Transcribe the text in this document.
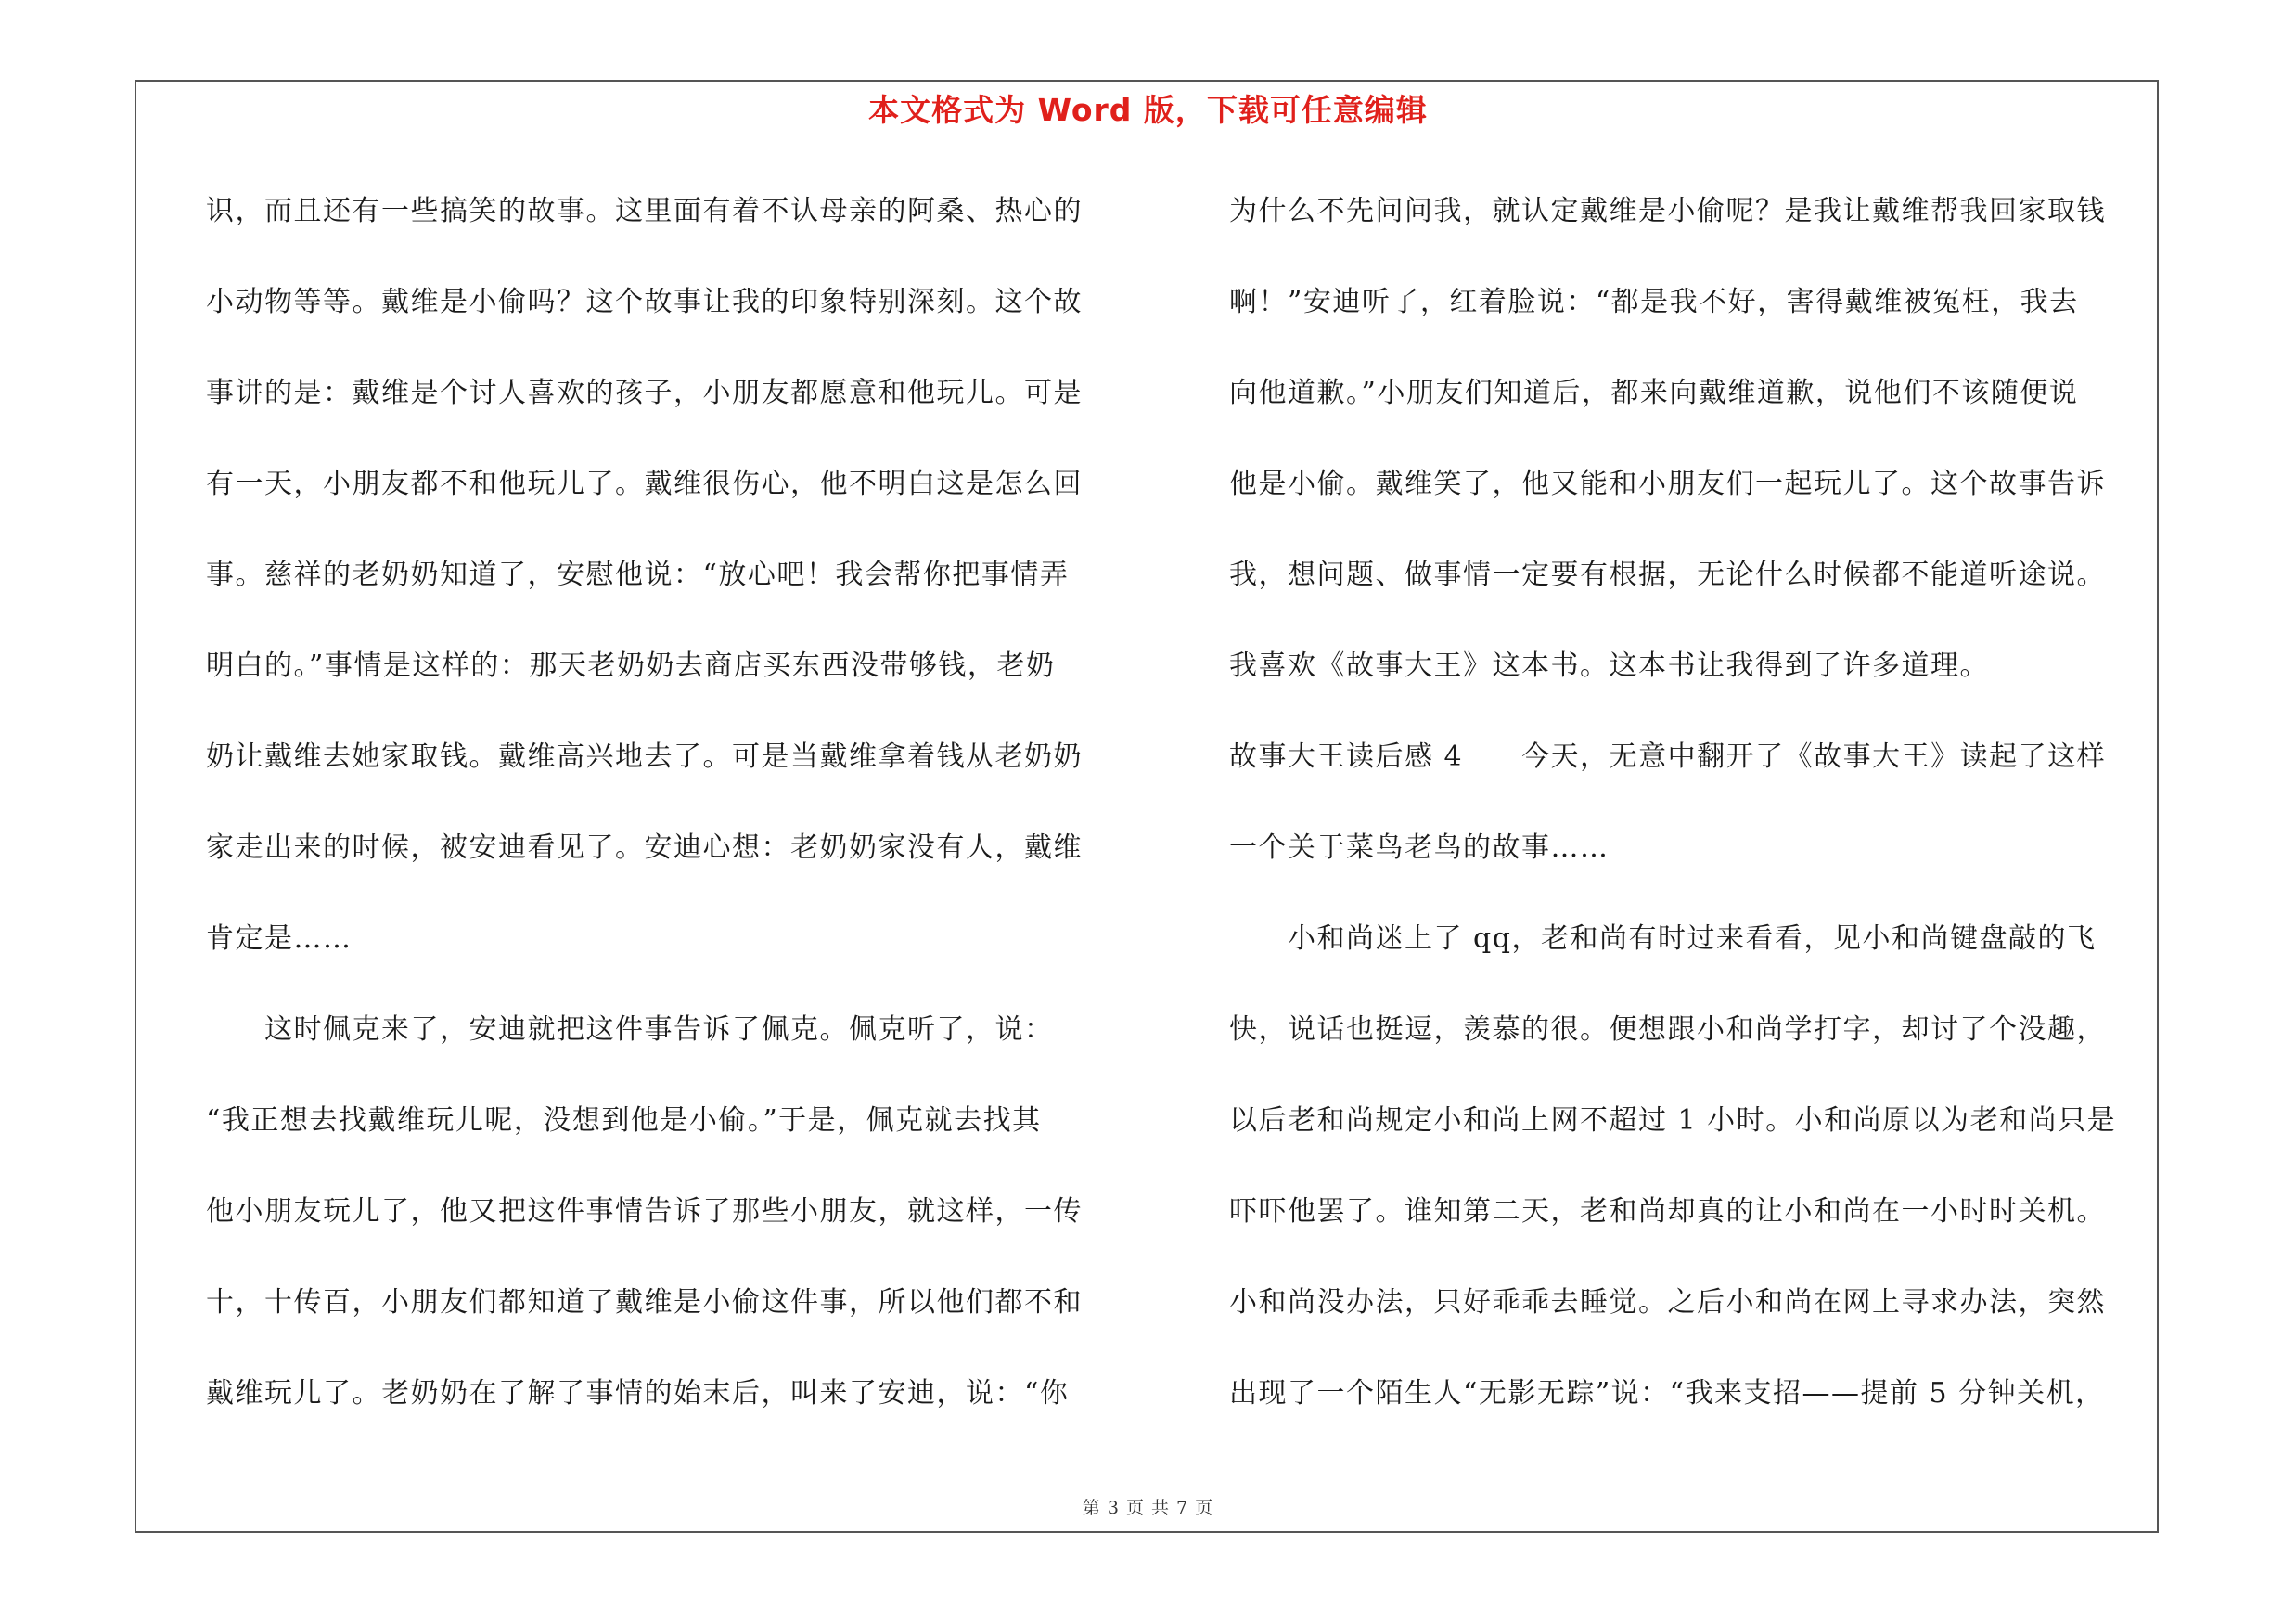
本文格式为 Word 版，下载可任意编辑
识，而且还有一些搞笑的故事。这里面有着不认母亲的阿桑、热心的
小动物等等。戴维是小偷吗？这个故事让我的印象特别深刻。这个故
事讲的是：戴维是个讨人喜欢的孩子，小朋友都愿意和他玩儿。可是
有一天，小朋友都不和他玩儿了。戴维很伤心，他不明白这是怎么回
事。慈祥的老奶奶知道了，安慰他说：“放心吧！我会帮你把事情弄
明白的。”事情是这样的：那天老奶奶去商店买东西没带够钱，老奶
奶让戴维去她家取钱。戴维高兴地去了。可是当戴维拿着钱从老奶奶
家走出来的时候，被安迪看见了。安迪心想：老奶奶家没有人，戴维
肯定是……
　　这时佩克来了，安迪就把这件事告诉了佩克。佩克听了，说：
“我正想去找戴维玩儿呢，没想到他是小偷。”于是，佩克就去找其
他小朋友玩儿了，他又把这件事情告诉了那些小朋友，就这样，一传
十，十传百，小朋友们都知道了戴维是小偷这件事，所以他们都不和
戴维玩儿了。老奶奶在了解了事情的始末后，叫来了安迪，说：“你
为什么不先问问我，就认定戴维是小偷呢？是我让戴维帮我回家取钱
啊！”安迪听了，红着脸说：“都是我不好，害得戴维被冤枉，我去
向他道歉。”小朋友们知道后，都来向戴维道歉，说他们不该随便说
他是小偷。戴维笑了，他又能和小朋友们一起玩儿了。这个故事告诉
我，想问题、做事情一定要有根据，无论什么时候都不能道听途说。
我喜欢《故事大王》这本书。这本书让我得到了许多道理。
故事大王读后感 4　　今天，无意中翻开了《故事大王》读起了这样
一个关于菜鸟老鸟的故事……
　　小和尚迷上了 qq，老和尚有时过来看看，见小和尚键盘敲的飞
快，说话也挺逗，羡慕的很。便想跟小和尚学打字，却讨了个没趣，
以后老和尚规定小和尚上网不超过 1 小时。小和尚原以为老和尚只是
吓吓他罢了。谁知第二天，老和尚却真的让小和尚在一小时时关机。
小和尚没办法，只好乖乖去睡觉。之后小和尚在网上寻求办法，突然
出现了一个陌生人“无影无踪”说：“我来支招——提前 5 分钟关机，
第 3 页 共 7 页
